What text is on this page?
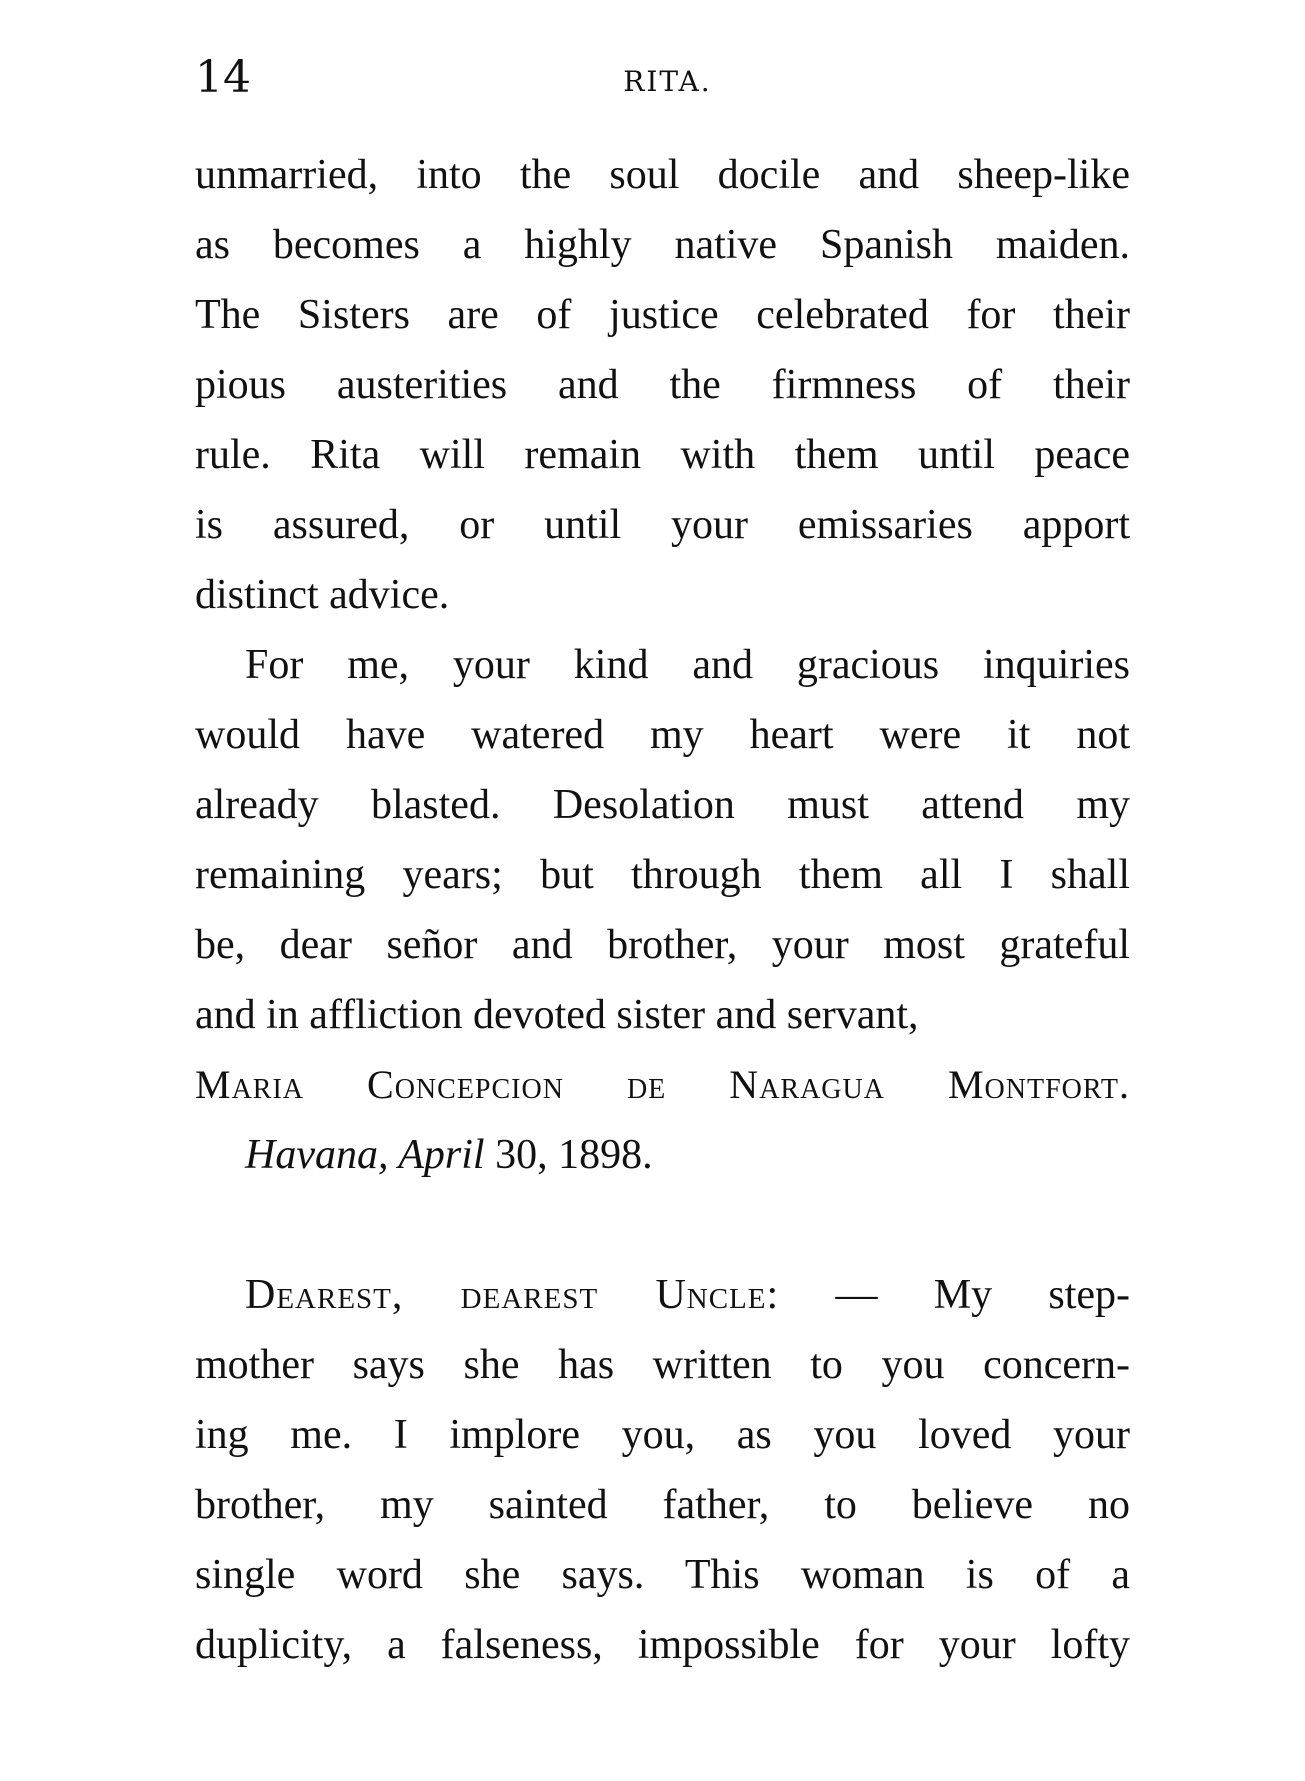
14	RITA.
unmarried, into the soul docile and sheep-like
as becomes a highly native Spanish maiden.
The Sisters are of justice celebrated for their
pious austerities and the firmness of their
rule. Rita will remain with them until peace
is assured, or until your emissaries apport
distinct advice.
For me, your kind and gracious inquiries
would have watered my heart were it not
already blasted. Desolation must attend my
remaining years; but through them all I shall
be, dear señor and brother, your most grateful
and in affliction devoted sister and servant,
Maria Concepcion de Naragua Montfort.
Havana, April 30, 1898.
Dearest, dearest Uncle: — My step-
mother says she has written to you concern-
ing me. I implore you, as you loved your
brother, my sainted father, to believe no
single word she says. This woman is of a
duplicity, a falseness, impossible for your lofty
